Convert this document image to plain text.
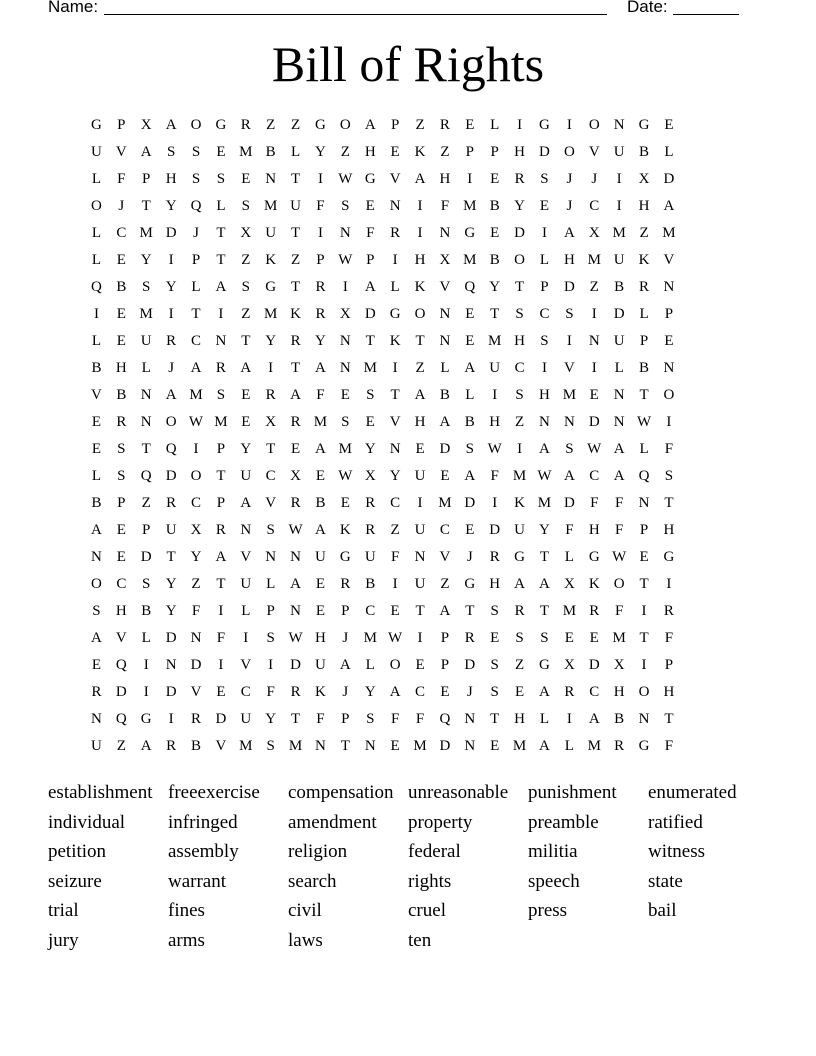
Name:	Date:
Bill of Rights
G	P	X A O G R	Z	Z G O A	P	Z	R	E	L	I	G	I	O N G E
U V A	S	S	E M B	L Y Z H E K Z	P	P	H D O V U B	L
L	F	P	H	S	S	E N T	I	W G V A H	I	E	R	S	J	J	I	X D
O	J	T Y Q L	S M U	F	S	E N	I	F M B Y E	J	C	I	H A
L	C M D	J	T X U T	I	N	F	R	I	N G E D	I	A X M Z M
L	E Y	I	P	T	Z K Z	P W P	I	H X M B O L H M U K V
Q B	S	Y L A	S	G T	R	I	A L K V Q Y T	P	D Z	B R N
I	E M	I	T	I	Z M K R X D G O N E	T	S	C	S	I	D L	P
L	E U R C N T Y R Y N T K T N E M H	S	I	N U	P	E
B H L	J	A R A	I	T A N M	I	Z	L A U C	I	V	I	L	B N
V B N A M S	E	R A	F	E	S	T A B	L	I	S	H M E N T O
E	R N O W M E X R M S	E V H A B H Z N N D N W	I
E	S	T Q	I	P	Y T	E A M Y N E D	S W	I	A	S W A L	F
L	S	Q D O T U C X E W X Y U E A	F M W A C A Q	S
B	P	Z	R C	P	A V R B	E	R C	I	M D	I	K M D	F	F	N T
A E	P	U X R N	S W A K R	Z U C	E D U Y	F	H	F	P	H
N E D T Y A V N N U G U	F	N V	J	R G T	L G W E G
O C	S	Y Z	T U L A E	R B	I	U Z G H A A X K O T	I
S	H B Y	F	I	L	P	N E	P	C	E	T A T	S	R	T M R	F	I	R
A V L D N	F	I	S W H	J	M W	I	P	R	E	S	S	E	E M T	F
E Q	I	N D	I	V	I	D U A L O E	P	D	S	Z G X D X	I	P
R D	I	D V E	C	F	R K	J	Y A C	E	J	S	E A R C H O H
N Q G	I	R D U Y T	F	P	S	F	F	Q N T H L	I	A B N T
U Z A R B V M S M N T N E M D N E M A L M R G	F
establishment freeexercise	compensation unreasonable	punishment	enumerated
individual	infringed	amendment	property	preamble	ratified
petition	assembly	religion	federal	militia	witness
seizure	warrant	search	rights	speech	state
trial	fines	civil	cruel	press	bail
jury	arms	laws	ten
